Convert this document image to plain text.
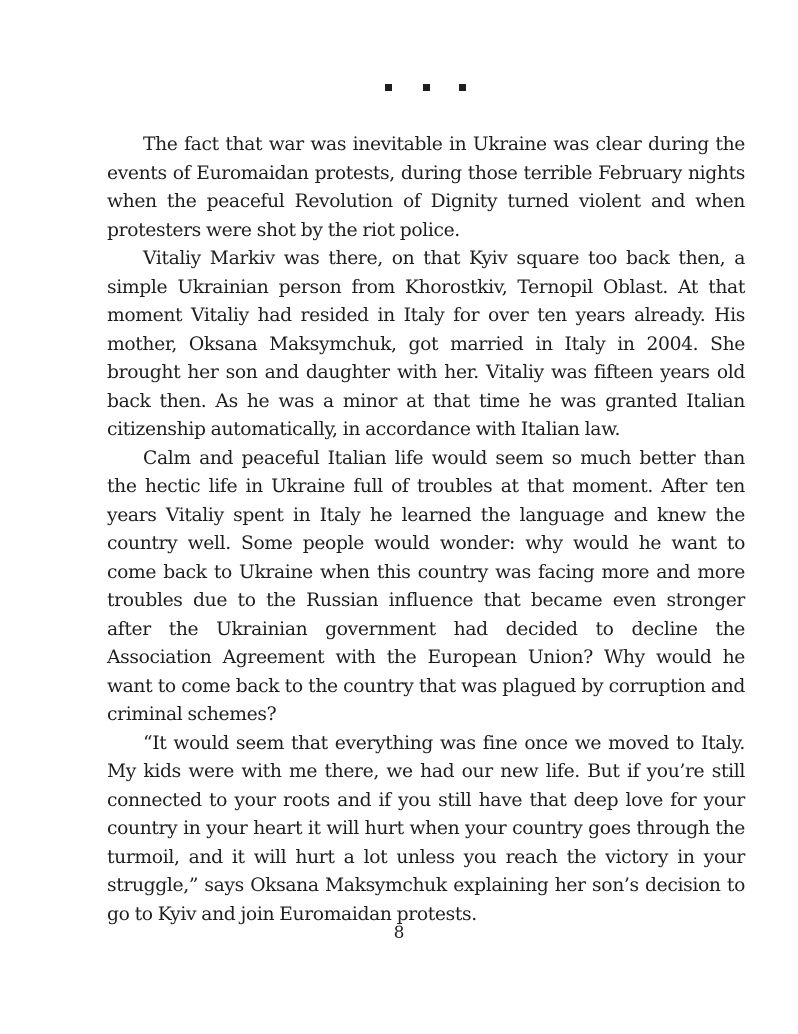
The fact that war was inevitable in Ukraine was clear during the events of Euromaidan protests, during those terrible February nights when the peaceful Revolution of Dignity turned violent and when protesters were shot by the riot police.

Vitaliy Markiv was there, on that Kyiv square too back then, a simple Ukrainian person from Khorostkiv, Ternopil Oblast. At that moment Vitaliy had resided in Italy for over ten years already. His mother, Oksana Maksymchuk, got married in Italy in 2004. She brought her son and daughter with her. Vitaliy was fifteen years old back then. As he was a minor at that time he was granted Italian citizenship automatically, in accordance with Italian law.

Calm and peaceful Italian life would seem so much better than the hectic life in Ukraine full of troubles at that moment. After ten years Vitaliy spent in Italy he learned the language and knew the country well. Some people would wonder: why would he want to come back to Ukraine when this country was facing more and more troubles due to the Russian influence that became even stronger after the Ukrainian government had decided to decline the Association Agreement with the European Union? Why would he want to come back to the country that was plagued by corruption and criminal schemes?

“It would seem that everything was fine once we moved to Italy. My kids were with me there, we had our new life. But if you’re still connected to your roots and if you still have that deep love for your country in your heart it will hurt when your country goes through the turmoil, and it will hurt a lot unless you reach the victory in your struggle,” says Oksana Maksymchuk explaining her son’s decision to go to Kyiv and join Euromaidan protests.

8
